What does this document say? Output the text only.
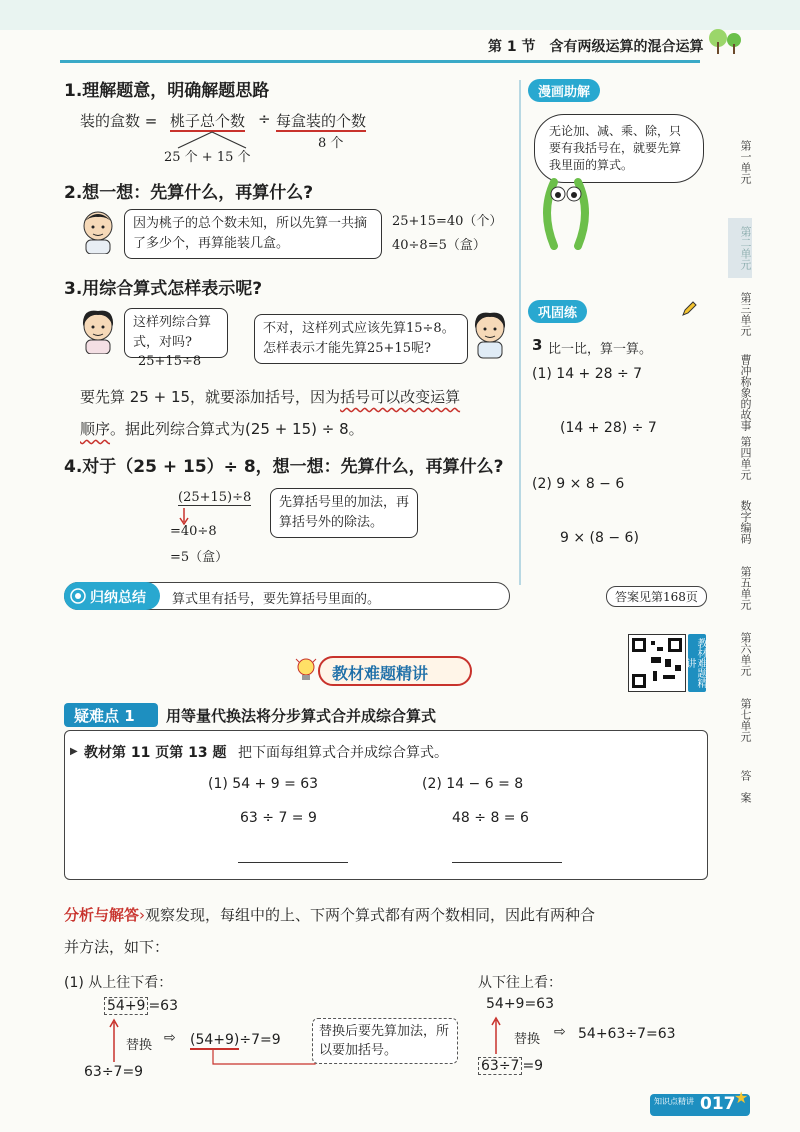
第 1 节　含有两级运算的混合运算
1.理解题意，明确解题思路
装的盒数 = 桃子总个数 ÷ 每盒装的个数
25 个 + 15 个
8 个
2.想一想：先算什么，再算什么?
因为桃子的总个数未知，所以先算一共摘了多少个，再算能装几盒。
25+15=40（个）
40÷8=5（盒）
3.用综合算式怎样表示呢?
这样列综合算式，对吗?
25+15÷8
不对，这样列式应该先算15÷8。怎样表示才能先算25+15呢?
要先算 25 + 15，就要添加括号，因为括号可以改变运算
顺序。据此列综合算式为(25 + 15) ÷ 8。
4.对于（25 + 15）÷ 8，想一想：先算什么，再算什么?
(25+15)÷8
=40÷8
=5（盒）
先算括号里的加法，再算括号外的除法。
归纳总结	算式里有括号，要先算括号里面的。
漫画助解
无论加、减、乘、除，只要有我括号在，就要先算我里面的算式。
巩固练
3 比一比，算一算。
(1) 14 + 28 ÷ 7
(14 + 28) ÷ 7
(2) 9 × 8 − 6
9 × (8 − 6)
答案见第168页
第一单元
第二单元
第三单元
曹冲称象的故事
第四单元
数字编码
第五单元
第六单元
第七单元
答　案
教材难题精讲	教材难题精讲
疑难点 1	用等量代换法将分步算式合并成综合算式
▶ 教材第 11 页第 13 题 把下面每组算式合并成综合算式。
(1) 54 + 9 = 63
63 ÷ 7 = 9
(2) 14 − 6 = 8
48 ÷ 8 = 6
分析与解答›观察发现，每组中的上、下两个算式都有两个数相同，因此有两种合
并方法，如下：
(1) 从上往下看：	从下往上看：
54+9 =63
替换 ⇨ (54+9)÷7=9
替换后要先算加法，所以要加括号。
63÷7=9
54+9=63
替换 ⇨ 54+63÷7=63
63÷7 =9
知识点精讲 017
★
